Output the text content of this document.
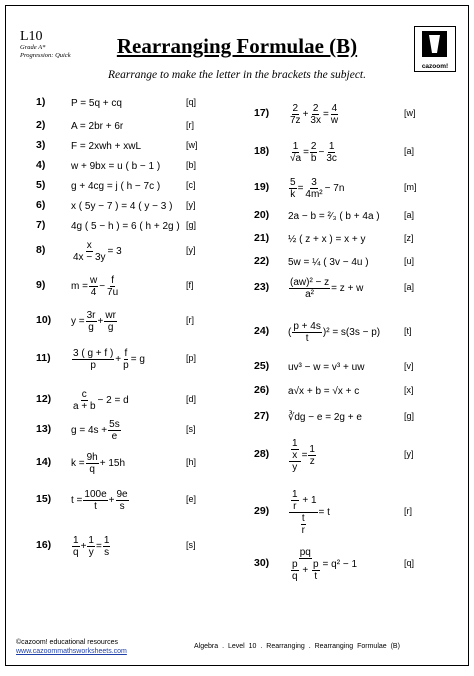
L10
Grade A*
Progression: Quick	Rearranging Formulae (B)
Rearrange to make the letter in the brackets the subject.
cazoom!
1)	P = 5q + cq	[q]
2)	A = 2br + 6r	[r]
3)	F = 2xwh + xwL	[w]
4)	w + 9bx = u ( b − 1 )	[b]
5)	g + 4cg = j ( h − 7c )	[c]
6)	x ( 5y − 7 ) = 4 ( y − 3 ) [y]
7)	4g ( 5 − h ) = 6 ( h + 2g ) [g]
8)	$\frac{x}{4x - 3y} = 3$	[y]
9)	$m = \frac{w}{4} - \frac{f}{7u}$	[f]
10) $y = \frac{3r}{g} + \frac{wr}{g}$	[r]
$11) \frac{3 ( g + f )}{p} + \frac{f}{p} = g$	[p]
$12) \frac{c}{a + b} - 2 = d$	[d]
13) $g = 4s + \frac{5s}{e}$	[s]
14) $k = \frac{9h}{q} + 15h$	[h]
15) $t = \frac{100e}{t} + \frac{9e}{s}$	[e]
$16) \frac{1}{q} + \frac{1}{y} = \frac{1}{s}$	[s]
$17) \frac{2}{7z} + \frac{2}{3x} = \frac{4}{w}$	[w]
$18) \frac{1}{√a} = \frac{2}{b} - \frac{1}{3c}$	[a]
$19) \frac{5}{k} = \frac{3}{\text{4m²}} - 7n$	[m]
20) 2a − b = ²⁄₃ ( b + 4a )	[a]
21) ½ ( z + x ) = x + y	[z]
22) 5w = ¼ ( 3v − 4u )	[u]
$23) \frac{\text{(aw)² − z}}{\text{a²}} = z + w$	[a]
24) ( $\frac{p + 4s}{t} )^2 = s(3s - p)$	[t]
25) uv³ − w = v³ + uw	[v]
26) a√x + b = √x + c	[x]
27) ∛dg − e = 2g + e	[g]
$28) \frac{\frac{1}{x}}{y} = \frac{1}{z}$	[y]
$29) \frac{\frac{1}{r} + 1}{\frac{t}{r}} = t$	[r]
$30) \frac{pq}{\frac{p}{q} + \frac{p}{t}} = q^2 - 1$	[q]
©cazoom! educational resources
www.cazoommathsworksheets.com
Algebra . Level 10 . Rearranging . Rearranging Formulae (B)
